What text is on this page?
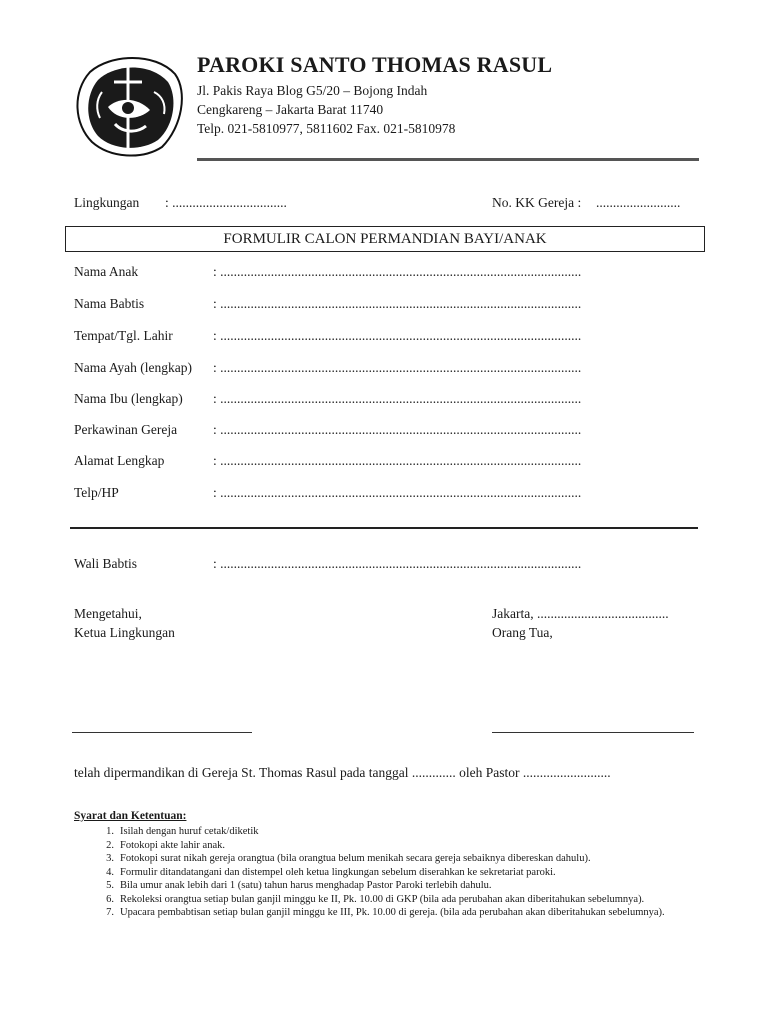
PAROKI SANTO THOMAS RASUL
Jl. Pakis Raya Blog G5/20 – Bojong Indah
Cengkareng – Jakarta Barat 11740
Telp. 021-5810977, 5811602 Fax. 021-5810978
Lingkungan : ..................................	No. KK Gereja : .........................
FORMULIR CALON PERMANDIAN BAYI/ANAK
Nama Anak	: ...........................................................................................................
Nama Babtis	: ...........................................................................................................
Tempat/Tgl. Lahir	: ...........................................................................................................
Nama Ayah (lengkap) : ...........................................................................................................
Nama Ibu (lengkap) : ...........................................................................................................
Perkawinan Gereja	: ...........................................................................................................
Alamat Lengkap	: ...........................................................................................................
Telp/HP	: ...........................................................................................................
Wali Babtis	: ...........................................................................................................
Mengetahui,
Ketua Lingkungan
Jakarta, .......................................
Orang Tua,
telah dipermandikan di Gereja St. Thomas Rasul pada tanggal ............. oleh Pastor ..........................
Syarat dan Ketentuan:
1. Isilah dengan huruf cetak/diketik
2. Fotokopi akte lahir anak.
3. Fotokopi surat nikah gereja orangtua (bila orangtua belum menikah secara gereja sebaiknya dibereskan dahulu).
4. Formulir ditandatangani dan distempel oleh ketua lingkungan sebelum diserahkan ke sekretariat paroki.
5. Bila umur anak lebih dari 1 (satu) tahun harus menghadap Pastor Paroki terlebih dahulu.
6. Rekoleksi orangtua setiap bulan ganjil minggu ke II, Pk. 10.00 di GKP (bila ada perubahan akan diberitahukan sebelumnya).
7. Upacara pembabtisan setiap bulan ganjil minggu ke III, Pk. 10.00 di gereja. (bila ada perubahan akan diberitahukan sebelumnya).
